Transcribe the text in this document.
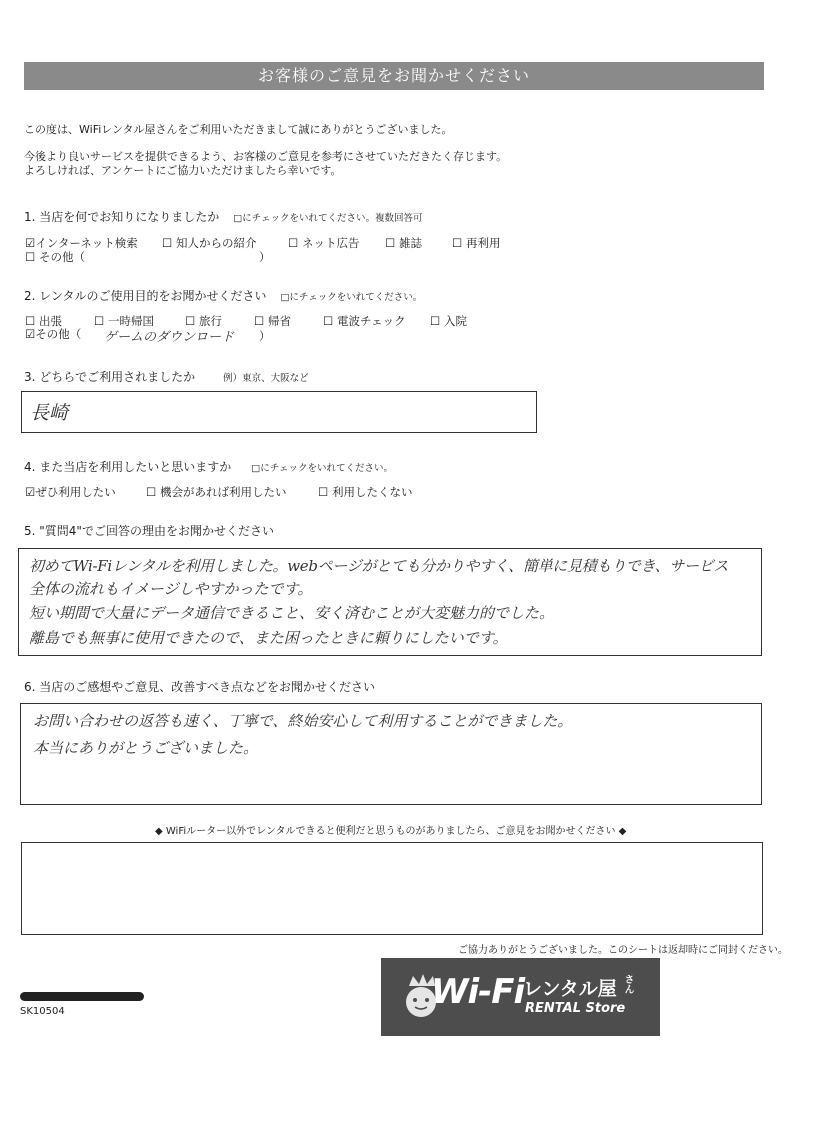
お客様のご意見をお聞かせください
この度は、WiFiレンタル屋さんをご利用いただきまして誠にありがとうございました。
今後より良いサービスを提供できるよう、お客様のご意見を参考にさせていただきたく存じます。
よろしければ、アンケートにご協力いただけましたら幸いです。
1. 当店を何でお知りになりましたか □にチェックをいれてください。複数回答可
☑インターネット検索 ☐ 知人からの紹介	☐ ネット広告 ☐ 雑誌	☐ 再利用
☐ その他（	）
2. レンタルのご使用目的をお聞かせください □にチェックをいれてください。
☐ 出張	☐ 一時帰国	☐ 旅行	☐ 帰省	☐ 電波チェック ☐ 入院
☑その他（ ゲームのダウンロード ）
3. どちらでご利用されましたか	例）東京、大阪など
長崎
4. また当店を利用したいと思いますか □にチェックをいれてください。
☑ぜひ利用したい	☐ 機会があれば利用したい	☐ 利用したくない
5. "質問4"でご回答の理由をお聞かせください
初めてWi-Fiレンタルを利用しました。webページがとても分かりやすく、簡単に見積もりでき、サービス
全体の流れもイメージしやすかったです。
短い期間で大量にデータ通信できること、安く済むことが大変魅力的でした。
離島でも無事に使用できたので、また困ったときに頼りにしたいです。
6. 当店のご感想やご意見、改善すべき点などをお聞かせください
お問い合わせの返答も速く、丁寧で、終始安心して利用することができました。
本当にありがとうございました。
◆ WiFiルーター以外でレンタルできると便利だと思うものがありましたら、ご意見をお聞かせください ◆
ご協力ありがとうございました。このシートは返却時にご同封ください。
SK10504	Wi-Fi
レンタル屋 さん
RENTAL Store
